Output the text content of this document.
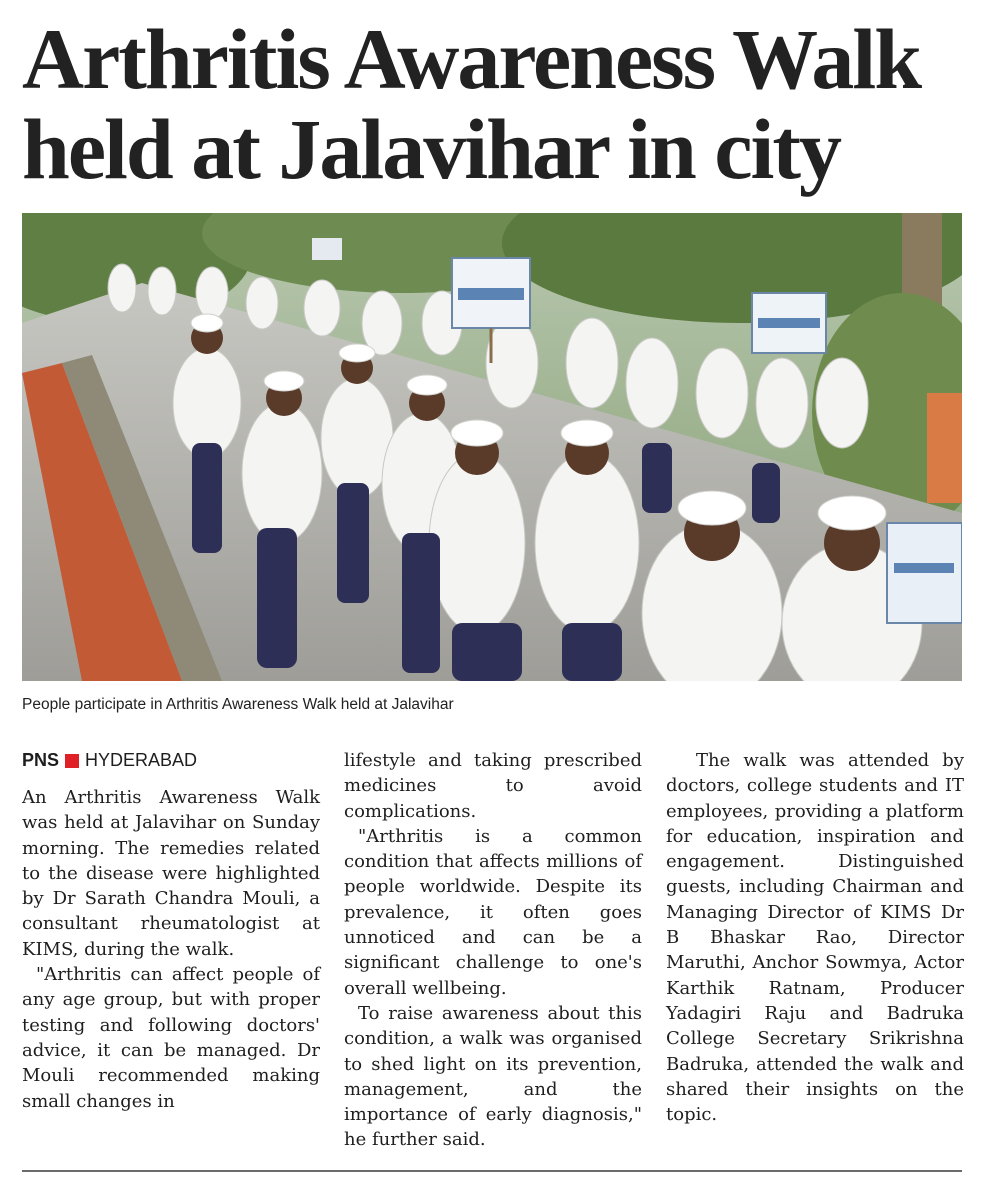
Arthritis Awareness Walk
held at Jalavihar in city
People participate in Arthritis Awareness Walk held at Jalavihar
PNS HYDERABAD

An Arthritis Awareness Walk was held at Jalavihar on Sunday morning. The remedies related to the disease were highlighted by Dr Sarath Chandra Mouli, a consultant rheumatologist at KIMS, during the walk.

"Arthritis can affect people of any age group, but with proper testing and following doctors' advice, it can be managed. Dr Mouli recommended making small changes in

lifestyle and taking prescribed medicines to avoid complications.

"Arthritis is a common condition that affects millions of people worldwide. Despite its prevalence, it often goes unnoticed and can be a significant challenge to one's overall wellbeing.

To raise awareness about this condition, a walk was organised to shed light on its prevention, management, and the importance of early diagnosis," he further said.

The walk was attended by doctors, college students and IT employees, providing a platform for education, inspiration and engagement. Distinguished guests, including Chairman and Managing Director of KIMS Dr B Bhaskar Rao, Director Maruthi, Anchor Sowmya, Actor Karthik Ratnam, Producer Yadagiri Raju and Badruka College Secretary Srikrishna Badruka, attended the walk and shared their insights on the topic.
